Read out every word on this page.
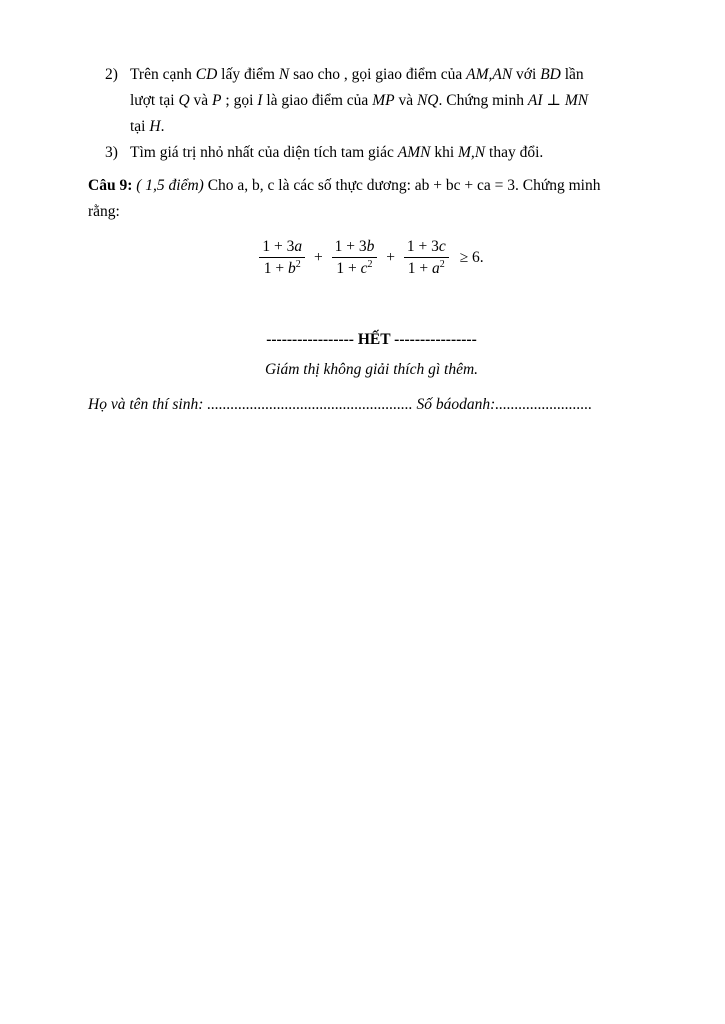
2) Trên cạnh CD lấy điểm N sao cho , gọi giao điểm của AM,AN với BD lần
lượt tại Q và P ; gọi I là giao điểm của MP và NQ. Chứng minh AI ⊥ MN
tại H.
3) Tìm giá trị nhỏ nhất của diện tích tam giác AMN khi M,N thay đổi.
Câu 9: ( 1,5 điểm) Cho a, b, c là các số thực dương: ab + bc + ca = 3. Chứng minh
rằng:
$\frac{1 + 3a}{1 + b^2} + \frac{1 + 3b}{1 + c^2} + \frac{1 + 3c}{1 + a^2} \ge 6$.
----------------- HẾT ----------------
Giám thị không giải thích gì thêm.
Họ và tên thí sinh: ..................................................... Số báodanh:.........................
